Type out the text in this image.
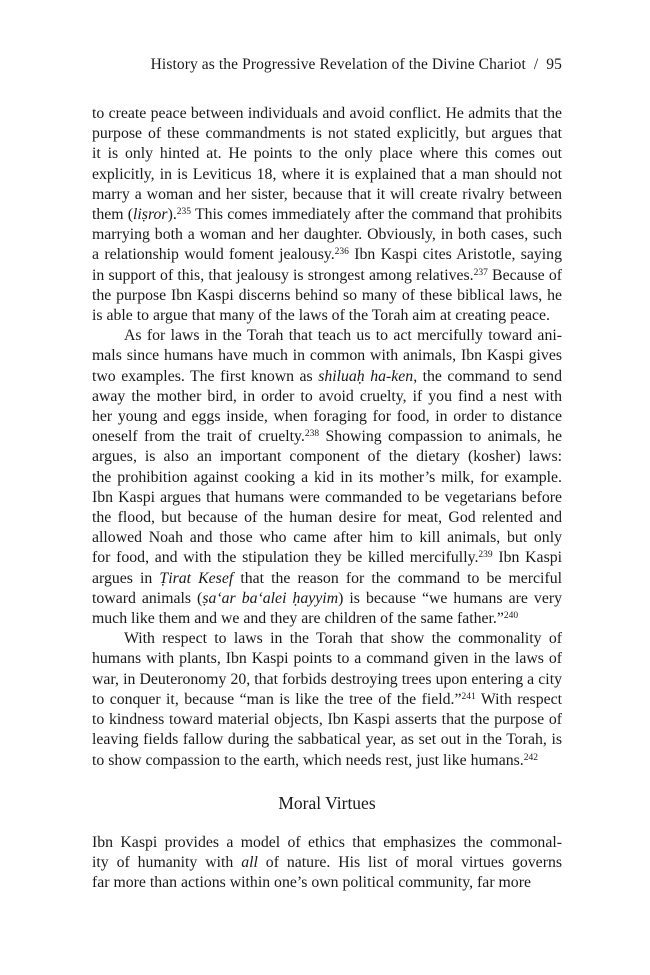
History as the Progressive Revelation of the Divine Chariot / 95
to create peace between individuals and avoid conflict. He admits that the
purpose of these commandments is not stated explicitly, but argues that
it is only hinted at. He points to the only place where this comes out
explicitly, in is Leviticus 18, where it is explained that a man should not
marry a woman and her sister, because that it will create rivalry between
them (liṣror).$^{235}$ This comes immediately after the command that prohibits
marrying both a woman and her daughter. Obviously, in both cases, such
a relationship would foment jealousy.$^{236}$ Ibn Kaspi cites Aristotle, saying
in support of this, that jealousy is strongest among relatives.$^{237}$ Because of
the purpose Ibn Kaspi discerns behind so many of these biblical laws, he
is able to argue that many of the laws of the Torah aim at creating peace.
As for laws in the Torah that teach us to act mercifully toward ani-
mals since humans have much in common with animals, Ibn Kaspi gives
two examples. The first known as shiluaḥ ha-ken, the command to send
away the mother bird, in order to avoid cruelty, if you find a nest with
her young and eggs inside, when foraging for food, in order to distance
oneself from the trait of cruelty.$^{238}$ Showing compassion to animals, he
argues, is also an important component of the dietary (kosher) laws:
the prohibition against cooking a kid in its mother’s milk, for example.
Ibn Kaspi argues that humans were commanded to be vegetarians before
the flood, but because of the human desire for meat, God relented and
allowed Noah and those who came after him to kill animals, but only
for food, and with the stipulation they be killed mercifully.$^{239}$ Ibn Kaspi
argues in Ṭirat Kesef that the reason for the command to be merciful
toward animals (ṣa‘ar ba‘alei ḥayyim) is because “we humans are very
much like them and we and they are children of the same father.”$^{240}$
With respect to laws in the Torah that show the commonality of
humans with plants, Ibn Kaspi points to a command given in the laws of
war, in Deuteronomy 20, that forbids destroying trees upon entering a city
to conquer it, because “man is like the tree of the field.”$^{241}$ With respect
to kindness toward material objects, Ibn Kaspi asserts that the purpose of
leaving fields fallow during the sabbatical year, as set out in the Torah, is
to show compassion to the earth, which needs rest, just like humans.$^{242}$
Moral Virtues
Ibn Kaspi provides a model of ethics that emphasizes the commonal-
ity of humanity with all of nature. His list of moral virtues governs
far more than actions within one’s own political community, far more
